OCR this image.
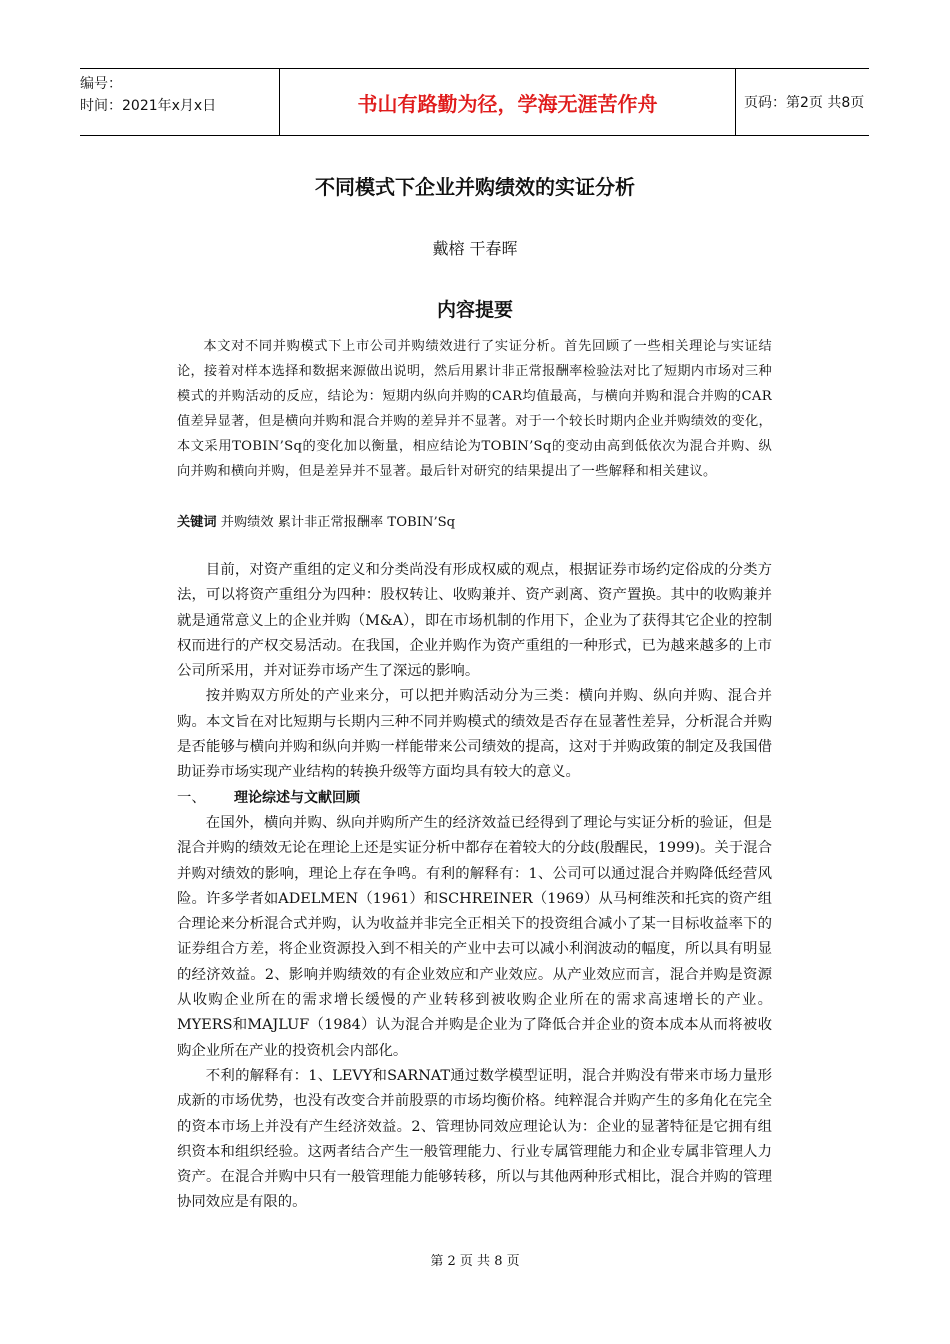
编号：
时间：2021年x月x日	书山有路勤为径，学海无涯苦作舟	页码：第2页 共8页
不同模式下企业并购绩效的实证分析
戴榕 干春晖
内容提要
本文对不同并购模式下上市公司并购绩效进行了实证分析。首先回顾了一些相关理论与实证结论，接着对样本选择和数据来源做出说明，然后用累计非正常报酬率检验法对比了短期内市场对三种模式的并购活动的反应，结论为：短期内纵向并购的CAR均值最高，与横向并购和混合并购的CAR值差异显著，但是横向并购和混合并购的差异并不显著。对于一个较长时期内企业并购绩效的变化，本文采用TOBIN’Sq的变化加以衡量，相应结论为TOBIN’Sq的变动由高到低依次为混合并购、纵向并购和横向并购，但是差异并不显著。最后针对研究的结果提出了一些解释和相关建议。
关键词 并购绩效 累计非正常报酬率 TOBIN’Sq

目前，对资产重组的定义和分类尚没有形成权威的观点，根据证券市场约定俗成的分类方法，可以将资产重组分为四种：股权转让、收购兼并、资产剥离、资产置换。其中的收购兼并就是通常意义上的企业并购（M&A），即在市场机制的作用下，企业为了获得其它企业的控制权而进行的产权交易活动。在我国，企业并购作为资产重组的一种形式，已为越来越多的上市公司所采用，并对证券市场产生了深远的影响。

按并购双方所处的产业来分，可以把并购活动分为三类：横向并购、纵向并购、混合并购。本文旨在对比短期与长期内三种不同并购模式的绩效是否存在显著性差异，分析混合并购是否能够与横向并购和纵向并购一样能带来公司绩效的提高，这对于并购政策的制定及我国借助证券市场实现产业结构的转换升级等方面均具有较大的意义。

一、	理论综述与文献回顾

在国外，横向并购、纵向并购所产生的经济效益已经得到了理论与实证分析的验证，但是混合并购的绩效无论在理论上还是实证分析中都存在着较大的分歧(殷醒民，1999)。关于混合并购对绩效的影响，理论上存在争鸣。有利的解释有：1、公司可以通过混合并购降低经营风险。许多学者如ADELMEN（1961）和SCHREINER（1969）从马柯维茨和托宾的资产组合理论来分析混合式并购，认为收益并非完全正相关下的投资组合减小了某一目标收益率下的证券组合方差，将企业资源投入到不相关的产业中去可以减小利润波动的幅度，所以具有明显的经济效益。2、影响并购绩效的有企业效应和产业效应。从产业效应而言，混合并购是资源从收购企业所在的需求增长缓慢的产业转移到被收购企业所在的需求高速增长的产业。MYERS和MAJLUF（1984）认为混合并购是企业为了降低合并企业的资本成本从而将被收购企业所在产业的投资机会内部化。

不利的解释有：1、LEVY和SARNAT通过数学模型证明，混合并购没有带来市场力量形成新的市场优势，也没有改变合并前股票的市场均衡价格。纯粹混合并购产生的多角化在完全的资本市场上并没有产生经济效益。2、管理协同效应理论认为：企业的显著特征是它拥有组织资本和组织经验。这两者结合产生一般管理能力、行业专属管理能力和企业专属非管理人力资产。在混合并购中只有一般管理能力能够转移，所以与其他两种形式相比，混合并购的管理协同效应是有限的。

第 2 页 共 8 页
